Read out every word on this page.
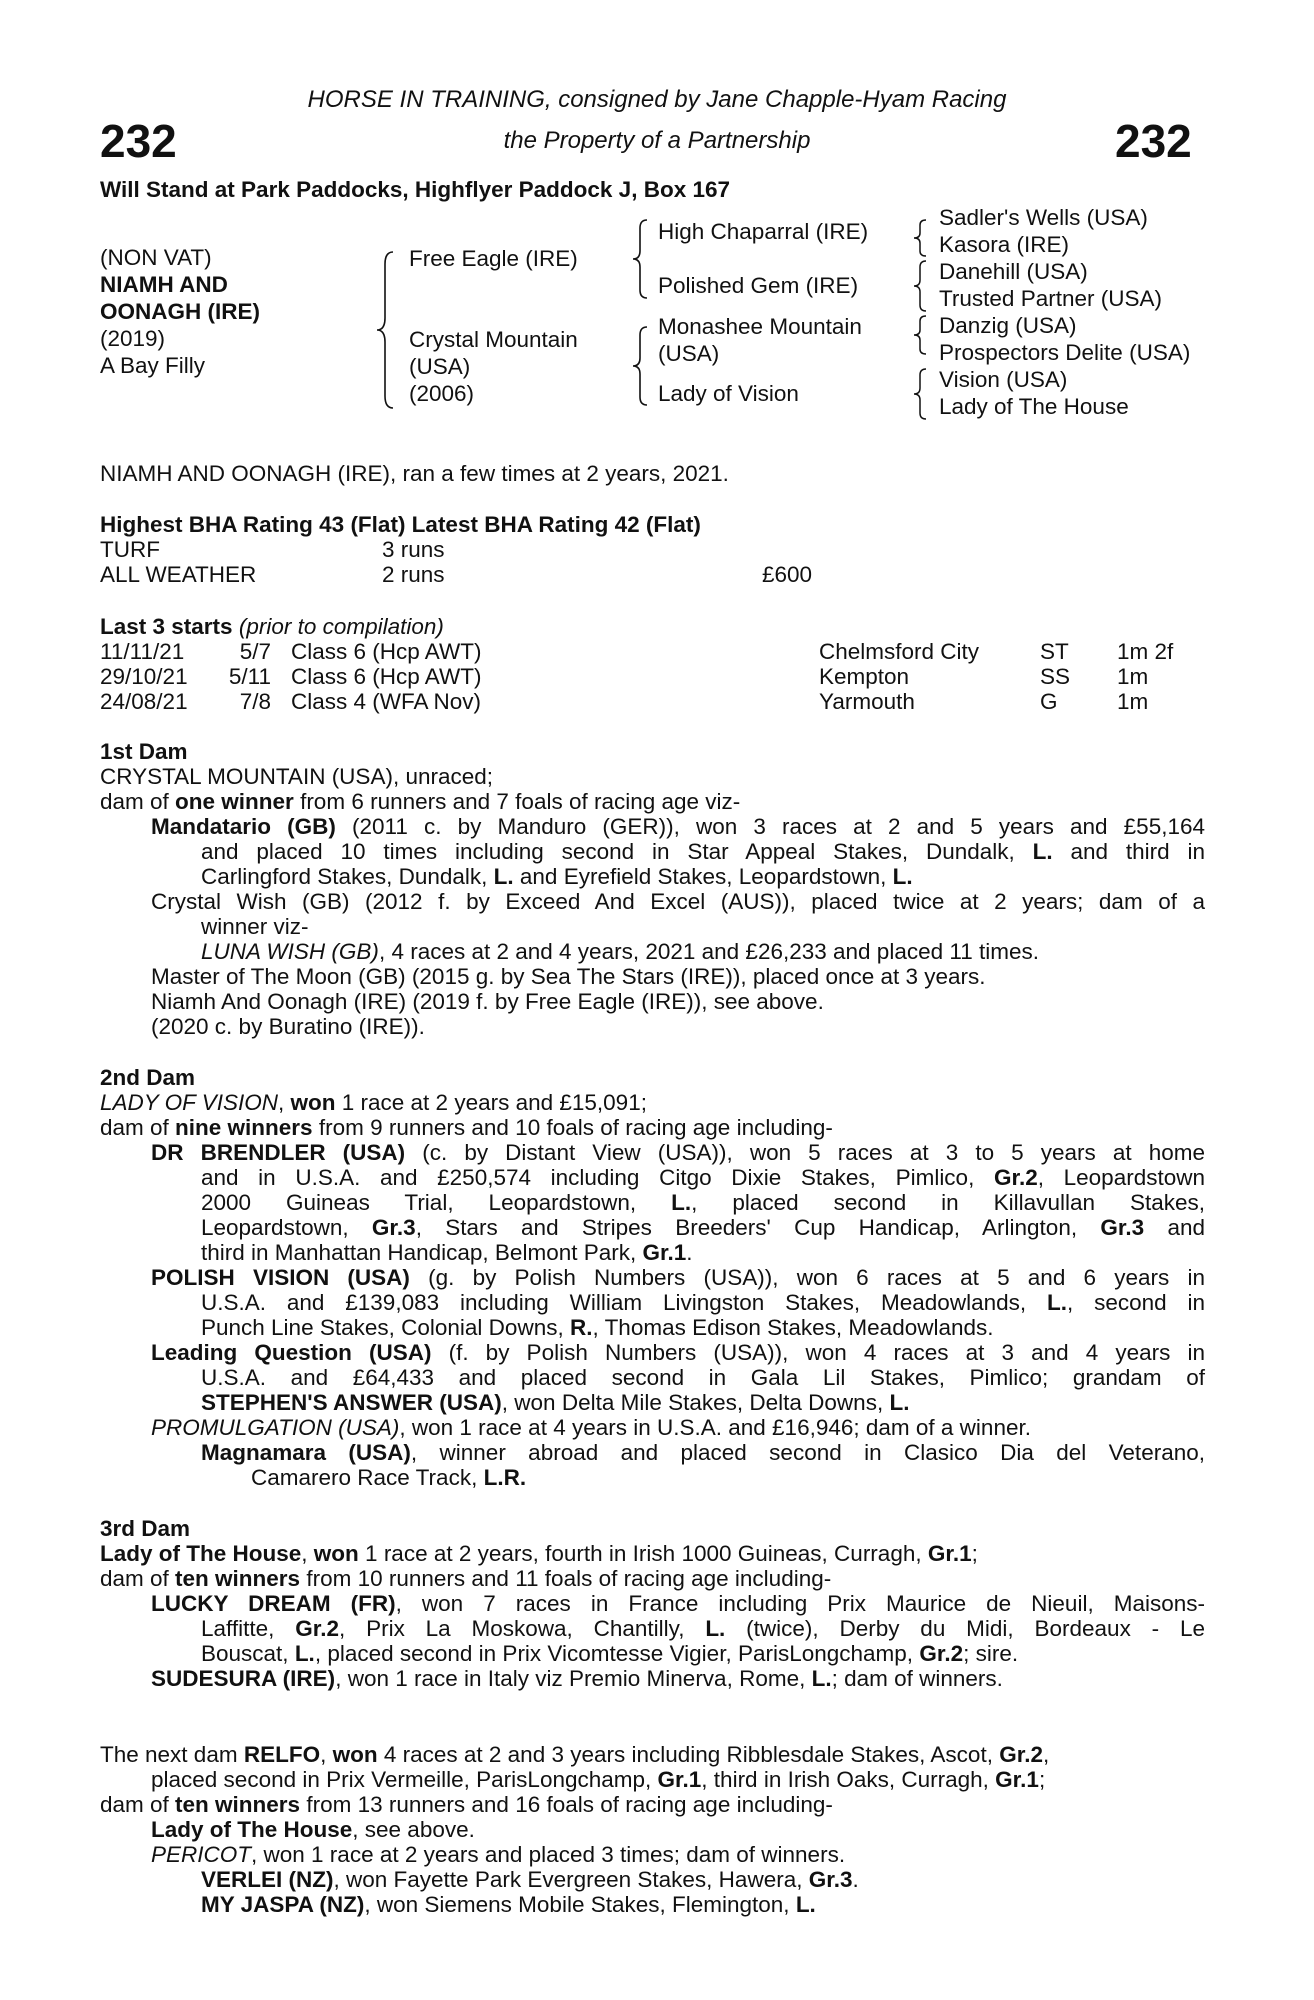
232	232
HORSE IN TRAINING, consigned by Jane Chapple-Hyam Racing
the Property of a Partnership
Will Stand at Park Paddocks, Highflyer Paddock J, Box 167
(NON VAT)
NIAMH AND
OONAGH (IRE)
(2019)
A Bay Filly
Free Eagle (IRE)
Crystal Mountain
(USA)
(2006)
High Chaparral (IRE)
Polished Gem (IRE)
Monashee Mountain
(USA)
Lady of Vision
Sadler's Wells (USA)
Kasora (IRE)
Danehill (USA)
Trusted Partner (USA)
Danzig (USA)
Prospectors Delite (USA)
Vision (USA)
Lady of The House
NIAMH AND OONAGH (IRE), ran a few times at 2 years, 2021.
Highest BHA Rating 43 (Flat) Latest BHA Rating 42 (Flat)
TURF	3 runs
ALL WEATHER	2 runs	£600
Last 3 starts (prior to compilation)
11/11/21	5/7 Class 6 (Hcp AWT)	Chelmsford City	ST 1m 2f
29/10/21	5/11 Class 6 (Hcp AWT)	Kempton	SS 1m
24/08/21	7/8 Class 4 (WFA Nov)	Yarmouth	G	1m
1st Dam
CRYSTAL MOUNTAIN (USA), unraced;
dam of one winner from 6 runners and 7 foals of racing age viz-
Mandatario (GB) (2011 c. by Manduro (GER)), won 3 races at 2 and 5 years and £55,164
and placed 10 times including second in Star Appeal Stakes, Dundalk, L. and third in
Carlingford Stakes, Dundalk, L. and Eyrefield Stakes, Leopardstown, L.
Crystal Wish (GB) (2012 f. by Exceed And Excel (AUS)), placed twice at 2 years; dam of a
winner viz-
LUNA WISH (GB), 4 races at 2 and 4 years, 2021 and £26,233 and placed 11 times.
Master of The Moon (GB) (2015 g. by Sea The Stars (IRE)), placed once at 3 years.
Niamh And Oonagh (IRE) (2019 f. by Free Eagle (IRE)), see above.
(2020 c. by Buratino (IRE)).
2nd Dam
LADY OF VISION, won 1 race at 2 years and £15,091;
dam of nine winners from 9 runners and 10 foals of racing age including-
DR BRENDLER (USA) (c. by Distant View (USA)), won 5 races at 3 to 5 years at home
and in U.S.A. and £250,574 including Citgo Dixie Stakes, Pimlico, Gr.2, Leopardstown
2000 Guineas Trial, Leopardstown, L., placed second in Killavullan Stakes,
Leopardstown, Gr.3, Stars and Stripes Breeders' Cup Handicap, Arlington, Gr.3 and
third in Manhattan Handicap, Belmont Park, Gr.1.
POLISH VISION (USA) (g. by Polish Numbers (USA)), won 6 races at 5 and 6 years in
U.S.A. and £139,083 including William Livingston Stakes, Meadowlands, L., second in
Punch Line Stakes, Colonial Downs, R., Thomas Edison Stakes, Meadowlands.
Leading Question (USA) (f. by Polish Numbers (USA)), won 4 races at 3 and 4 years in
U.S.A. and £64,433 and placed second in Gala Lil Stakes, Pimlico; grandam of
STEPHEN'S ANSWER (USA), won Delta Mile Stakes, Delta Downs, L.
PROMULGATION (USA), won 1 race at 4 years in U.S.A. and £16,946; dam of a winner.
Magnamara (USA), winner abroad and placed second in Clasico Dia del Veterano,
Camarero Race Track, L.R.
3rd Dam
Lady of The House, won 1 race at 2 years, fourth in Irish 1000 Guineas, Curragh, Gr.1;
dam of ten winners from 10 runners and 11 foals of racing age including-
LUCKY DREAM (FR), won 7 races in France including Prix Maurice de Nieuil, Maisons-
Laffitte, Gr.2, Prix La Moskowa, Chantilly, L. (twice), Derby du Midi, Bordeaux - Le
Bouscat, L., placed second in Prix Vicomtesse Vigier, ParisLongchamp, Gr.2; sire.
SUDESURA (IRE), won 1 race in Italy viz Premio Minerva, Rome, L.; dam of winners.
The next dam RELFO, won 4 races at 2 and 3 years including Ribblesdale Stakes, Ascot, Gr.2,
placed second in Prix Vermeille, ParisLongchamp, Gr.1, third in Irish Oaks, Curragh, Gr.1;
dam of ten winners from 13 runners and 16 foals of racing age including-
Lady of The House, see above.
PERICOT, won 1 race at 2 years and placed 3 times; dam of winners.
VERLEI (NZ), won Fayette Park Evergreen Stakes, Hawera, Gr.3.
MY JASPA (NZ), won Siemens Mobile Stakes, Flemington, L.
